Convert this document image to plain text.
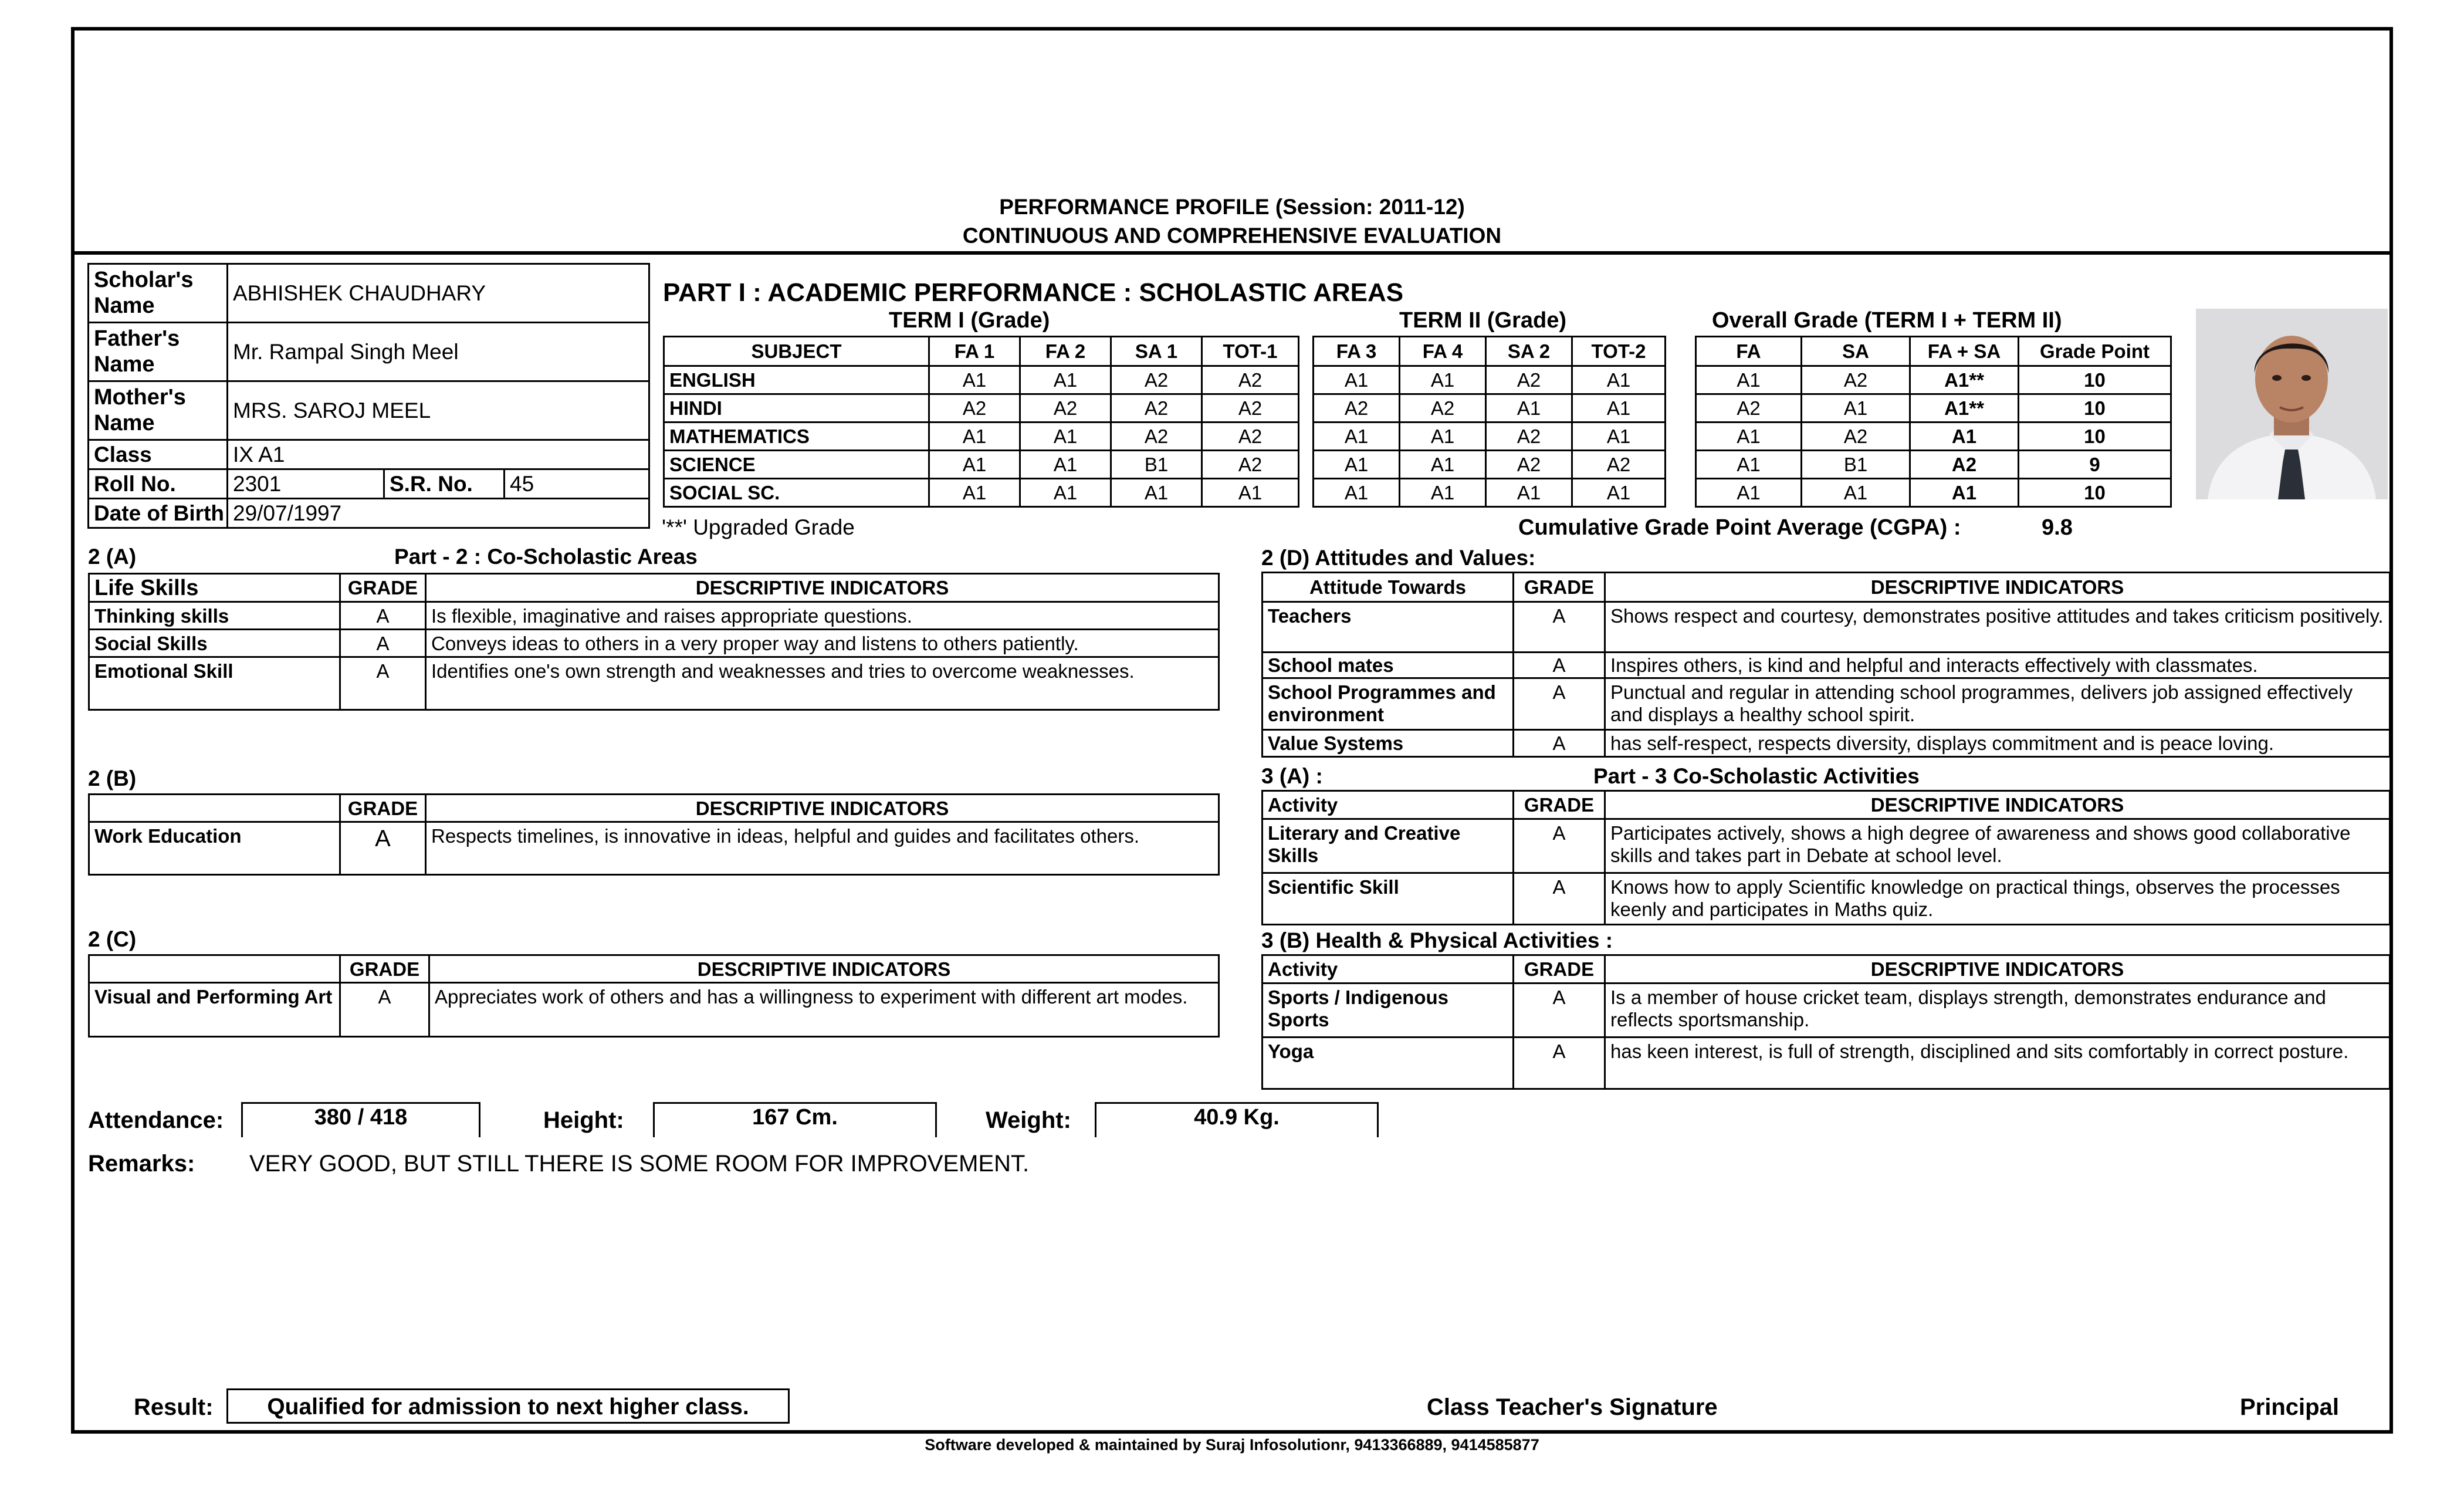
PERFORMANCE PROFILE (Session: 2011-12)
CONTINUOUS AND COMPREHENSIVE EVALUATION
Scholar's Name	ABHISHEK CHAUDHARY		
Father's Name	Mr. Rampal Singh Meel		
Mother's Name	MRS. SAROJ MEEL		
Class	IX A1		
Roll No.	2301	S.R. No.	45
Date of Birth	29/07/1997		
PART I : ACADEMIC PERFORMANCE : SCHOLASTIC AREAS
TERM I (Grade)	TERM II (Grade)	Overall Grade (TERM I + TERM II)
SUBJECT	FA 1	FA 2	SA 1	TOT-1
ENGLISH	A1	A1	A2	A2
HINDI	A2	A2	A2	A2
MATHEMATICS	A1	A1	A2	A2
SCIENCE	A1	A1	B1	A2
SOCIAL SC.	A1	A1	A1	A1
FA 3	FA 4	SA 2	TOT-2
A1	A1	A2	A1
A2	A2	A1	A1
A1	A1	A2	A1
A1	A1	A2	A2
A1	A1	A1	A1
FA	SA	FA + SA	Grade Point
A1	A2	A1**	10
A2	A1	A1**	10
A1	A2	A1	10
A1	B1	A2	9
A1	A1	A1	10
'**' Upgraded Grade	Cumulative Grade Point Average (CGPA) :	9.8
2 (A)	Part - 2 : Co-Scholastic Areas
Life Skills	GRADE	DESCRIPTIVE INDICATORS
Thinking skills	A	Is flexible, imaginative and raises appropriate questions.
Social Skills	A	Conveys ideas to others in a very proper way and listens to others patiently.
Emotional Skill	A	Identifies one's own strength and weaknesses and tries to overcome weaknesses.
2 (B)
	GRADE	DESCRIPTIVE INDICATORS
Work Education	A	Respects timelines, is innovative in ideas, helpful and guides and facilitates others.
2 (C)
	GRADE	DESCRIPTIVE INDICATORS
Visual and Performing Art	A	Appreciates work of others and has a willingness to experiment with different art modes.
2 (D) Attitudes and Values:
Attitude Towards	GRADE	DESCRIPTIVE INDICATORS
Teachers	A	Shows respect and courtesy, demonstrates positive attitudes and takes criticism positively.
School mates	A	Inspires others, is kind and helpful and interacts effectively with classmates.
School Programmes and environment	A	Punctual and regular in attending school programmes, delivers job assigned effectively and displays a healthy school spirit.
Value Systems	A	has self-respect, respects diversity, displays commitment and is peace loving.
3 (A) :	Part - 3 Co-Scholastic Activities
Activity	GRADE	DESCRIPTIVE INDICATORS
Literary and Creative Skills	A	Participates actively, shows a high degree of awareness and shows good collaborative skills and takes part in Debate at school level.
Scientific Skill	A	Knows how to apply Scientific knowledge on practical things, observes the processes keenly and participates in Maths quiz.
3 (B) Health & Physical Activities :
Activity	GRADE	DESCRIPTIVE INDICATORS
Sports / Indigenous Sports	A	Is a member of house cricket team, displays strength, demonstrates endurance and reflects sportsmanship.
Yoga	A	has keen interest, is full of strength, disciplined and sits comfortably in correct posture.
Attendance:	380 / 418	Height:	167 Cm.	Weight:	40.9 Kg.
Remarks: VERY GOOD, BUT STILL THERE IS SOME ROOM FOR IMPROVEMENT.
Result:	Qualified for admission to next higher class.	Class Teacher's Signature	Principal
Software developed & maintained by Suraj Infosolutionr, 9413366889, 9414585877
